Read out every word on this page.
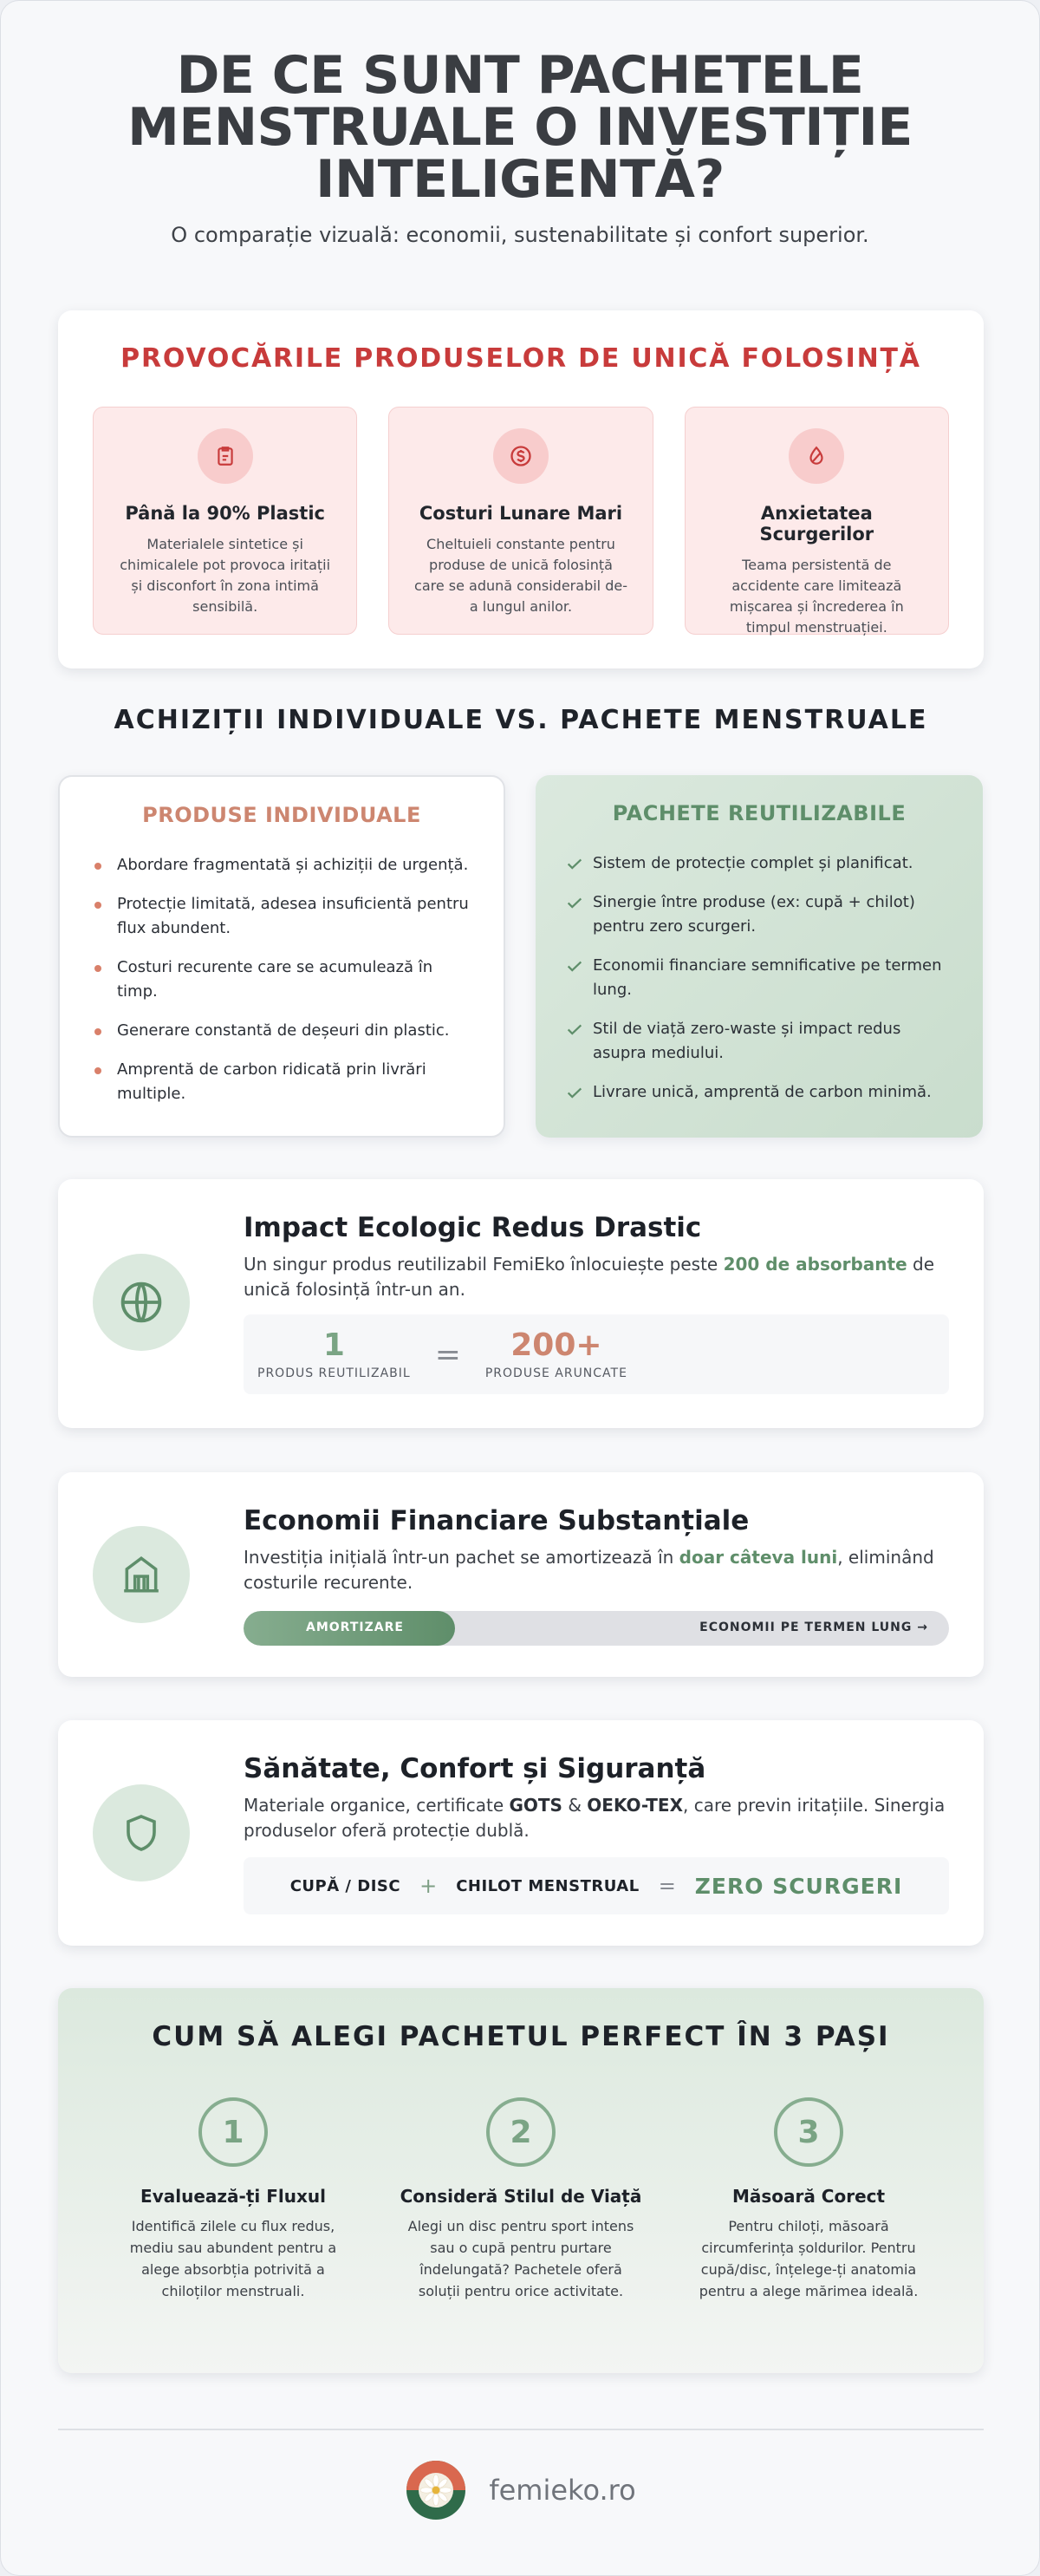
DE CE SUNT PACHETELE MENSTRUALE O INVESTIȚIE INTELIGENTĂ?

O comparație vizuală: economii, sustenabilitate și confort superior.

PROVOCĂRILE PRODUSELOR DE UNICĂ FOLOSINȚĂ
Până la 90% Plastic

Materialele sintetice și chimicalele pot provoca iritații și disconfort în zona intimă sensibilă.

Costuri Lunare Mari

Cheltuieli constante pentru produse de unică folosință care se adună considerabil de-a lungul anilor.

Anxietatea Scurgerilor

Teama persistentă de accidente care limitează mișcarea și încrederea în timpul menstruației.

ACHIZIȚII INDIVIDUALE VS. PACHETE MENSTRUALE
PRODUSE INDIVIDUALE
Abordare fragmentată și achiziții de urgență.
Protecție limitată, adesea insuficientă pentru flux abundent.
Costuri recurente care se acumulează în timp.
Generare constantă de deșeuri din plastic.
Amprentă de carbon ridicată prin livrări multiple.
PACHETE REUTILIZABILE
Sistem de protecție complet și planificat.
Sinergie între produse (ex: cupă + chilot) pentru zero scurgeri.
Economii financiare semnificative pe termen lung.
Stil de viață zero-waste și impact redus asupra mediului.
Livrare unică, amprentă de carbon minimă.
Impact Ecologic Redus Drastic

Un singur produs reutilizabil FemiEko înlocuiește peste 200 de absorbante de unică folosință într-un an.

1
PRODUS REUTILIZABIL
=	200+
PRODUSE ARUNCATE
Economii Financiare Substanțiale

Investiția inițială într-un pachet se amortizează în doar câteva luni, eliminând costurile recurente.

AMORTIZARE	ECONOMII PE TERMEN LUNG →
Sănătate, Confort și Siguranță

Materiale organice, certificate GOTS & OEKO-TEX, care previn iritațiile. Sinergia produselor oferă protecție dublă.

CUPĂ / DISC + CHILOT MENSTRUAL = ZERO SCURGERI
CUM SĂ ALEGI PACHETUL PERFECT ÎN 3 PAȘI
1
Evaluează-ți Fluxul

Identifică zilele cu flux redus, mediu sau abundent pentru a alege absorbția potrivită a chiloților menstruali.

2
Consideră Stilul de Viață

Alegi un disc pentru sport intens sau o cupă pentru purtare îndelungată? Pachetele oferă soluții pentru orice activitate.

3
Măsoară Corect

Pentru chiloți, măsoară circumferința șoldurilor. Pentru cupă/disc, înțelege-ți anatomia pentru a alege mărimea ideală.

femieko.ro
